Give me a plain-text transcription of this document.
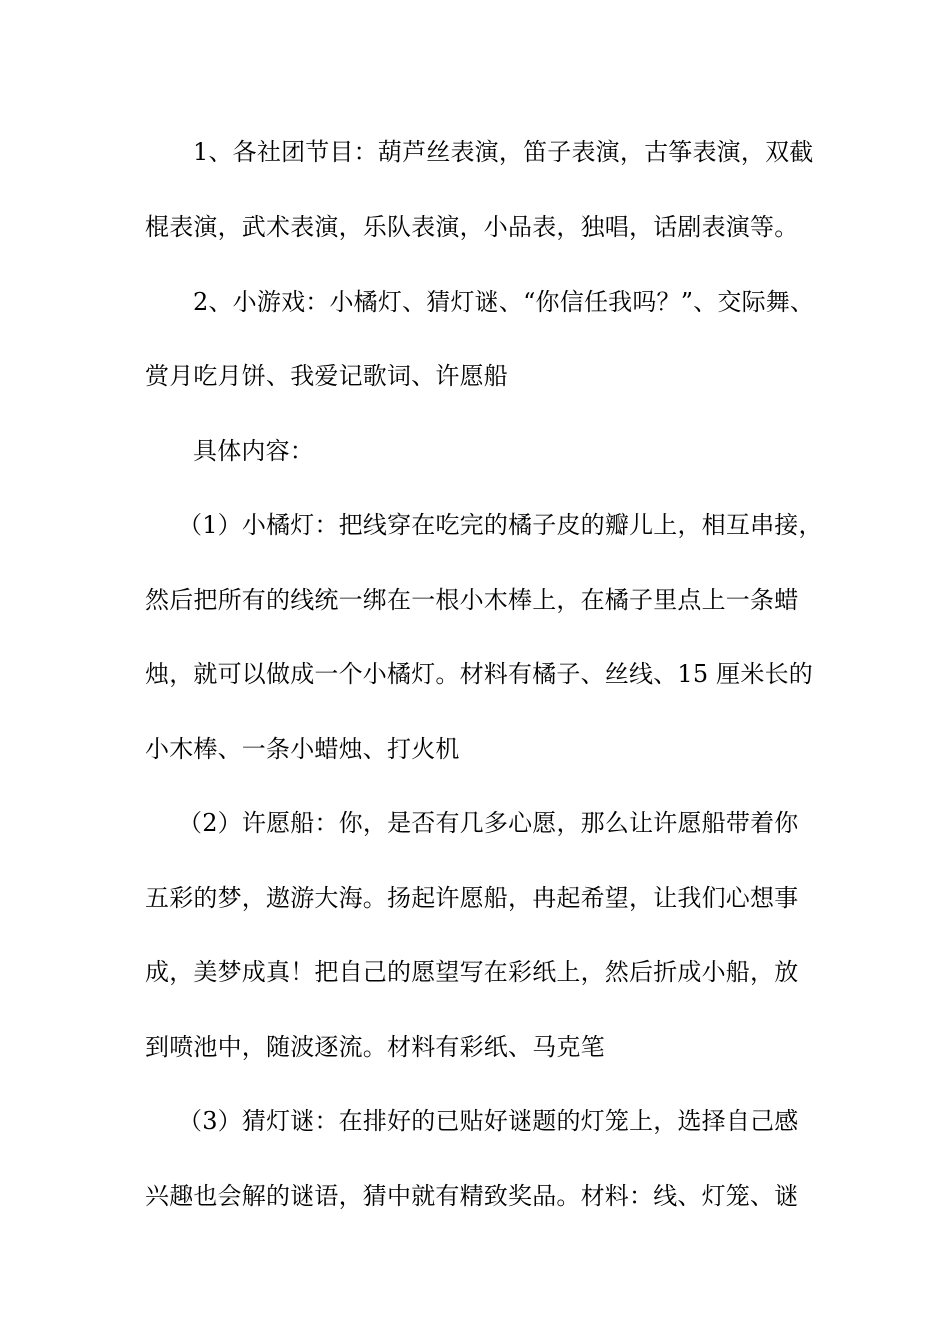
1、各社团节目：葫芦丝表演，笛子表演，古筝表演，双截
棍表演，武术表演，乐队表演，小品表，独唱，话剧表演等。
2、小游戏：小橘灯、猜灯谜、“你信任我吗？”、交际舞、
赏月吃月饼、我爱记歌词、许愿船
具体内容：
（1）小橘灯：把线穿在吃完的橘子皮的瓣儿上，相互串接，
然后把所有的线统一绑在一根小木棒上，在橘子里点上一条蜡
烛，就可以做成一个小橘灯。材料有橘子、丝线、15 厘米长的
小木棒、一条小蜡烛、打火机
（2）许愿船：你，是否有几多心愿，那么让许愿船带着你
五彩的梦，遨游大海。扬起许愿船，冉起希望，让我们心想事
成，美梦成真！把自己的愿望写在彩纸上，然后折成小船，放
到喷池中，随波逐流。材料有彩纸、马克笔
（3）猜灯谜：在排好的已贴好谜题的灯笼上，选择自己感
兴趣也会解的谜语，猜中就有精致奖品。材料：线、灯笼、谜
